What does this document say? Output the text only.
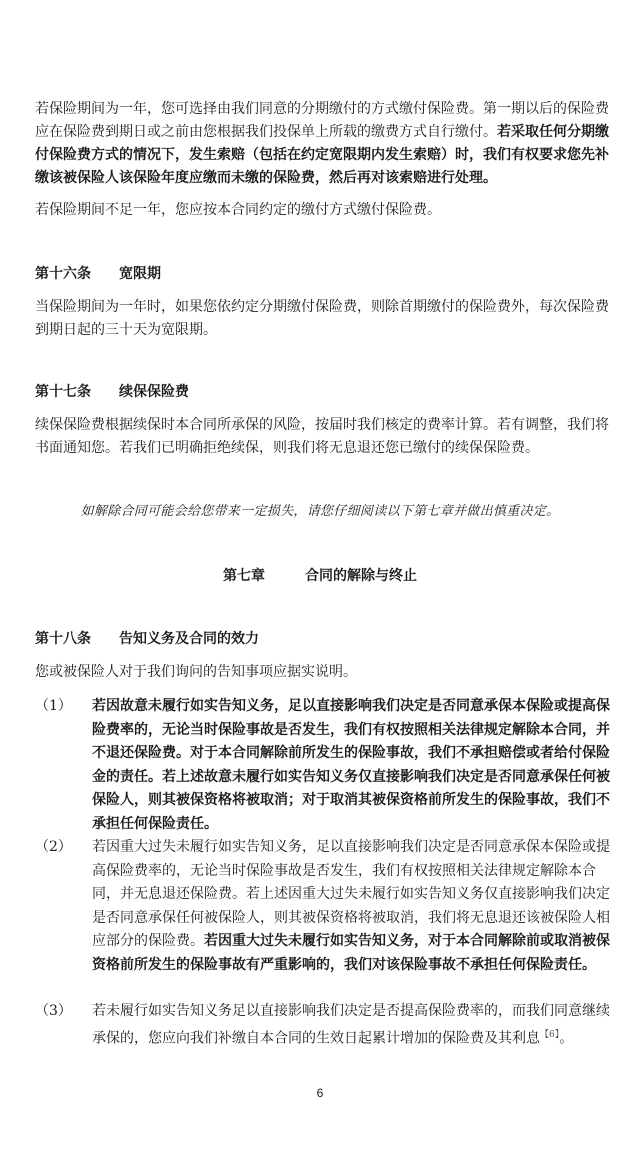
若保险期间为一年，您可选择由我们同意的分期缴付的方式缴付保险费。第一期以后的保险费应在保险费到期日或之前由您根据我们投保单上所载的缴费方式自行缴付。若采取任何分期缴付保险费方式的情况下，发生索赔（包括在约定宽限期内发生索赔）时，我们有权要求您先补缴该被保险人该保险年度应缴而未缴的保险费，然后再对该索赔进行处理。

若保险期间不足一年，您应按本合同约定的缴付方式缴付保险费。

第十六条 宽限期

当保险期间为一年时，如果您依约定分期缴付保险费，则除首期缴付的保险费外，每次保险费到期日起的三十天为宽限期。

第十七条 续保保险费

续保保险费根据续保时本合同所承保的风险，按届时我们核定的费率计算。若有调整，我们将书面通知您。若我们已明确拒绝续保，则我们将无息退还您已缴付的续保保险费。

如解除合同可能会给您带来一定损失，请您仔细阅读以下第七章并做出慎重决定。
第七章	合同的解除与终止
第十八条 告知义务及合同的效力

您或被保险人对于我们询问的告知事项应据实说明。

（1）	若因故意未履行如实告知义务，足以直接影响我们决定是否同意承保本保险或提高保险费率的，无论当时保险事故是否发生，我们有权按照相关法律规定解除本合同，并不退还保险费。对于本合同解除前所发生的保险事故，我们不承担赔偿或者给付保险金的责任。若上述故意未履行如实告知义务仅直接影响我们决定是否同意承保任何被保险人，则其被保资格将被取消；对于取消其被保资格前所发生的保险事故，我们不承担任何保险责任。

（2）	若因重大过失未履行如实告知义务，足以直接影响我们决定是否同意承保本保险或提高保险费率的，无论当时保险事故是否发生，我们有权按照相关法律规定解除本合同，并无息退还保险费。若上述因重大过失未履行如实告知义务仅直接影响我们决定是否同意承保任何被保险人，则其被保资格将被取消，我们将无息退还该被保险人相应部分的保险费。若因重大过失未履行如实告知义务，对于本合同解除前或取消被保资格前所发生的保险事故有严重影响的，我们对该保险事故不承担任何保险责任。

（3）	若未履行如实告知义务足以直接影响我们决定是否提高保险费率的，而我们同意继续承保的，您应向我们补缴自本合同的生效日起累计增加的保险费及其利息$^{【6】}$。

6
